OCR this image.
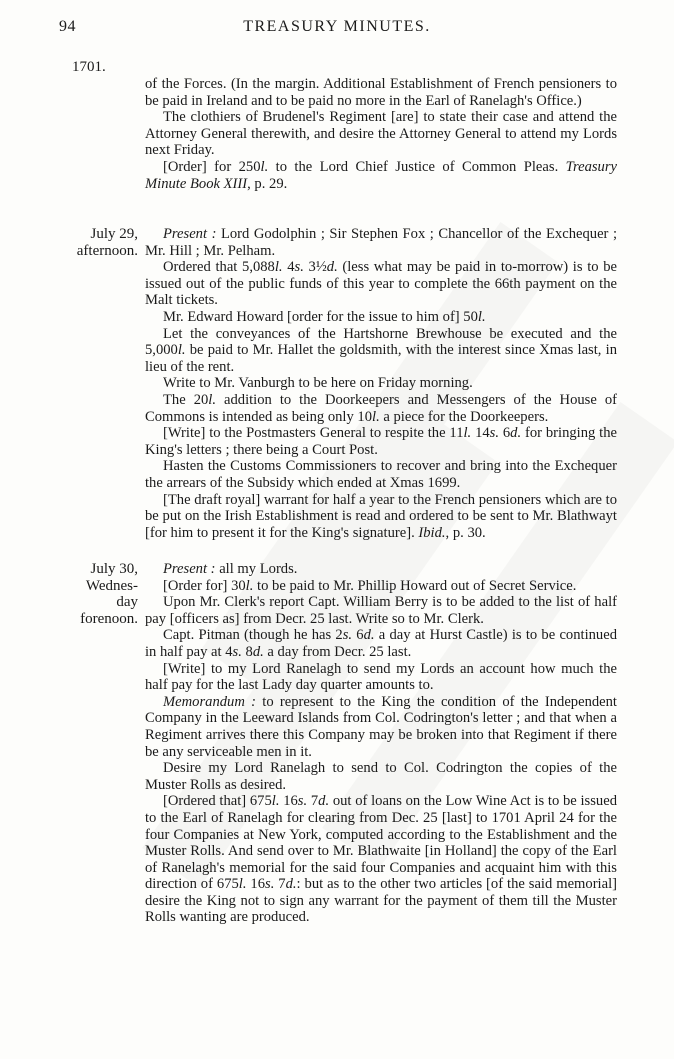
94	TREASURY MINUTES.
1701.

of the Forces. (In the margin. Additional Establishment of French pensioners to be paid in Ireland and to be paid no more in the Earl of Ranelagh's Office.)

The clothiers of Brudenel's Regiment [are] to state their case and attend the Attorney General therewith, and desire the Attorney General to attend my Lords next Friday.

[Order] for 250l. to the Lord Chief Justice of Common Pleas. Treasury Minute Book XIII, p. 29.

July 29,
afternoon.

Present : Lord Godolphin ; Sir Stephen Fox ; Chancellor of the Exchequer ; Mr. Hill ; Mr. Pelham.

Ordered that 5,088l. 4s. 3½d. (less what may be paid in to-morrow) is to be issued out of the public funds of this year to complete the 66th payment on the Malt tickets.

Mr. Edward Howard [order for the issue to him of] 50l.

Let the conveyances of the Hartshorne Brewhouse be executed and the 5,000l. be paid to Mr. Hallet the goldsmith, with the interest since Xmas last, in lieu of the rent.

Write to Mr. Vanburgh to be here on Friday morning.

The 20l. addition to the Doorkeepers and Messengers of the House of Commons is intended as being only 10l. a piece for the Doorkeepers.

[Write] to the Postmasters General to respite the 11l. 14s. 6d. for bringing the King's letters ; there being a Court Post.

Hasten the Customs Commissioners to recover and bring into the Exchequer the arrears of the Subsidy which ended at Xmas 1699.

[The draft royal] warrant for half a year to the French pensioners which are to be put on the Irish Establishment is read and ordered to be sent to Mr. Blathwayt [for him to present it for the King's signature]. Ibid., p. 30.

July 30,
Wednes-
day
forenoon.

Present : all my Lords.

[Order for] 30l. to be paid to Mr. Phillip Howard out of Secret Service.

Upon Mr. Clerk's report Capt. William Berry is to be added to the list of half pay [officers as] from Decr. 25 last. Write so to Mr. Clerk.

Capt. Pitman (though he has 2s. 6d. a day at Hurst Castle) is to be continued in half pay at 4s. 8d. a day from Decr. 25 last.

[Write] to my Lord Ranelagh to send my Lords an account how much the half pay for the last Lady day quarter amounts to.

Memorandum : to represent to the King the condition of the Independent Company in the Leeward Islands from Col. Codrington's letter ; and that when a Regiment arrives there this Company may be broken into that Regiment if there be any serviceable men in it.

Desire my Lord Ranelagh to send to Col. Codrington the copies of the Muster Rolls as desired.

[Ordered that] 675l. 16s. 7d. out of loans on the Low Wine Act is to be issued to the Earl of Ranelagh for clearing from Dec. 25 [last] to 1701 April 24 for the four Companies at New York, computed according to the Establishment and the Muster Rolls. And send over to Mr. Blathwaite [in Holland] the copy of the Earl of Ranelagh's memorial for the said four Companies and acquaint him with this direction of 675l. 16s. 7d.: but as to the other two articles [of the said memorial] desire the King not to sign any warrant for the payment of them till the Muster Rolls wanting are produced.
